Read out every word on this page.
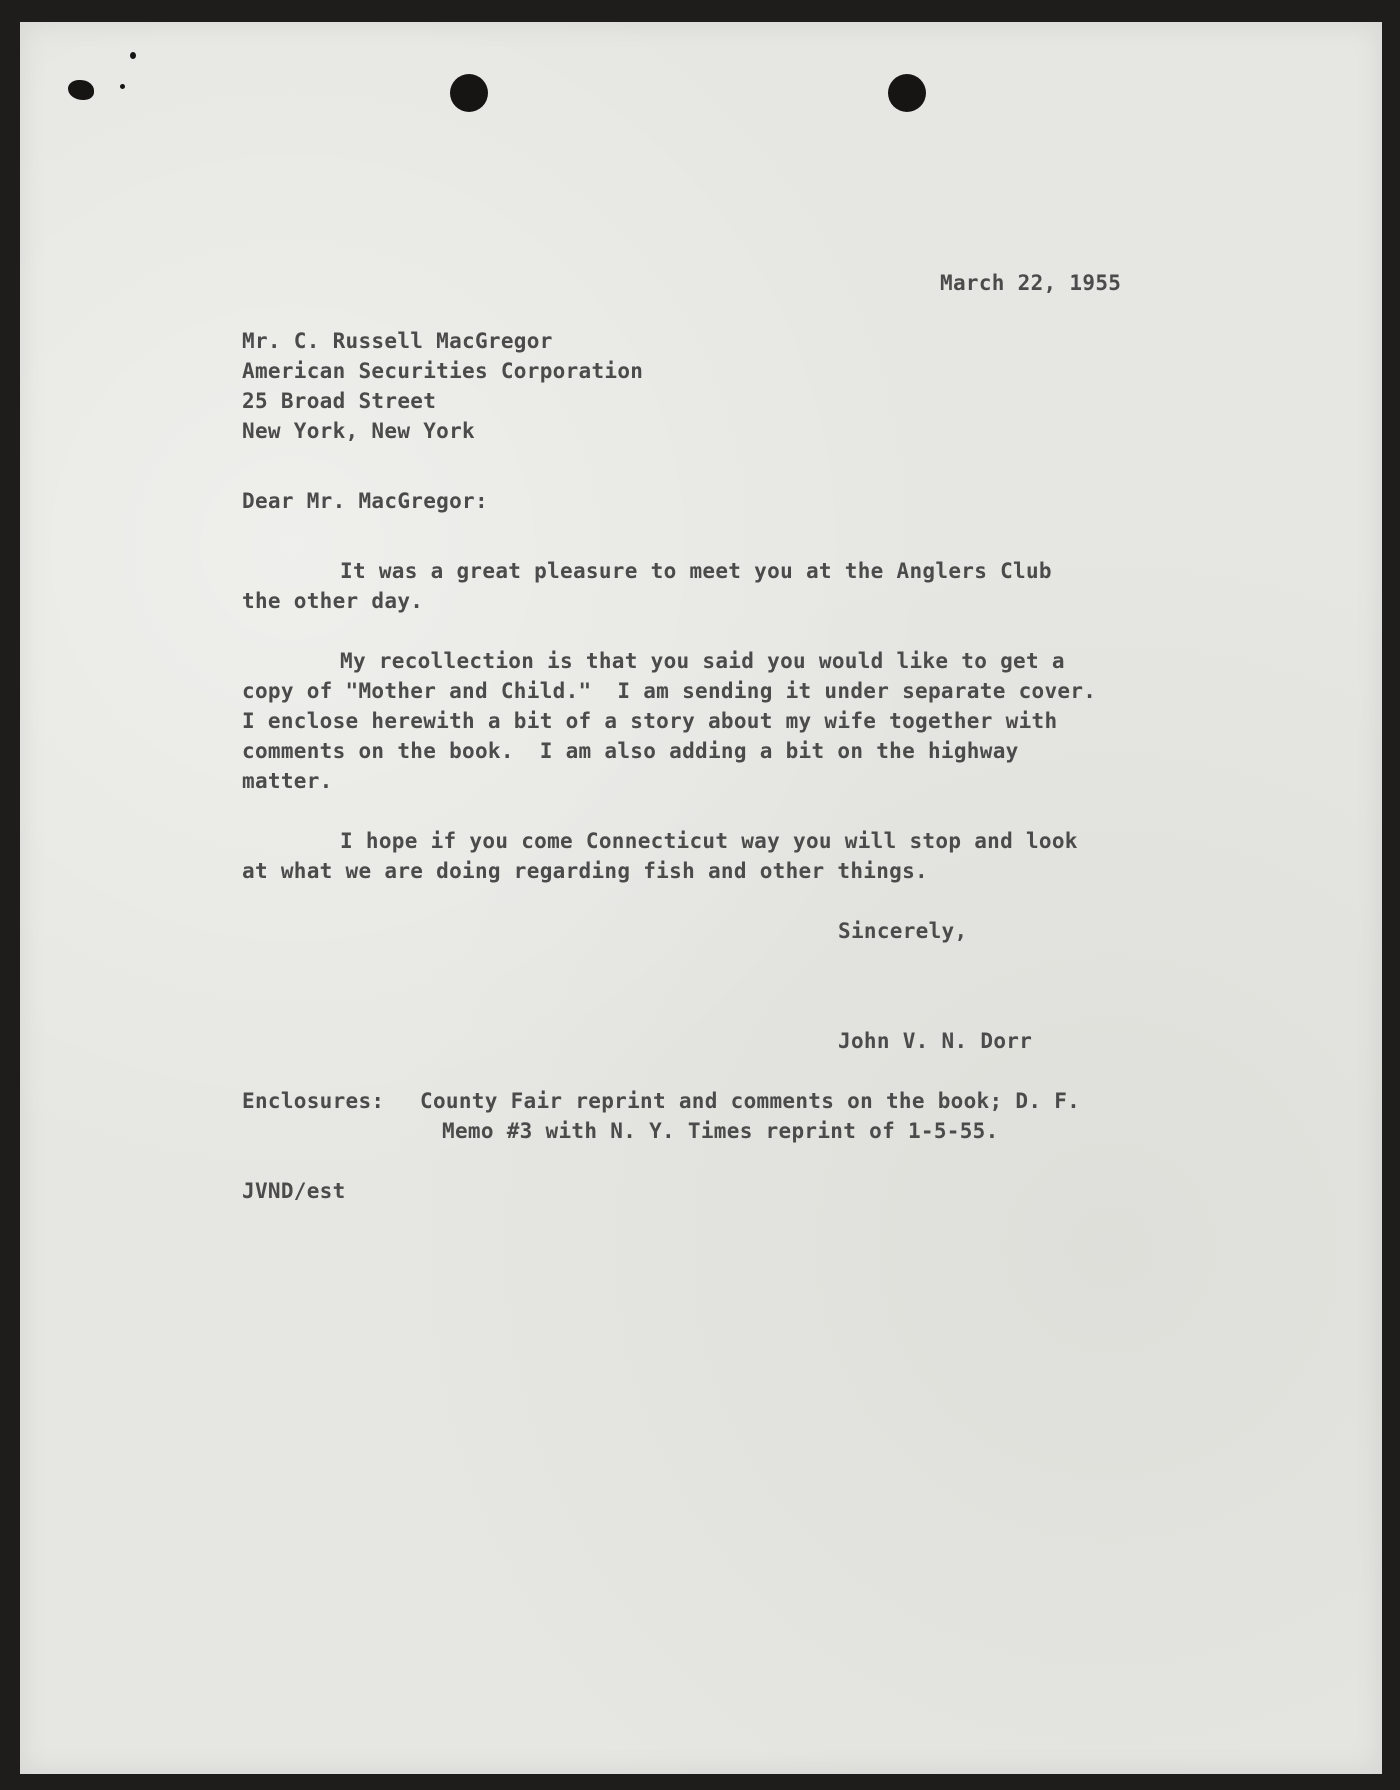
March 22, 1955
Mr. C. Russell MacGregor
American Securities Corporation
25 Broad Street
New York, New York
Dear Mr. MacGregor:
It was a great pleasure to meet you at the Anglers Club
the other day.
My recollection is that you said you would like to get a
copy of "Mother and Child."  I am sending it under separate cover.
I enclose herewith a bit of a story about my wife together with
comments on the book.  I am also adding a bit on the highway
matter.
I hope if you come Connecticut way you will stop and look
at what we are doing regarding fish and other things.
Sincerely,
John V. N. Dorr
Enclosures: County Fair reprint and comments on the book; D. F.
Memo #3 with N. Y. Times reprint of 1-5-55.
JVND/est
